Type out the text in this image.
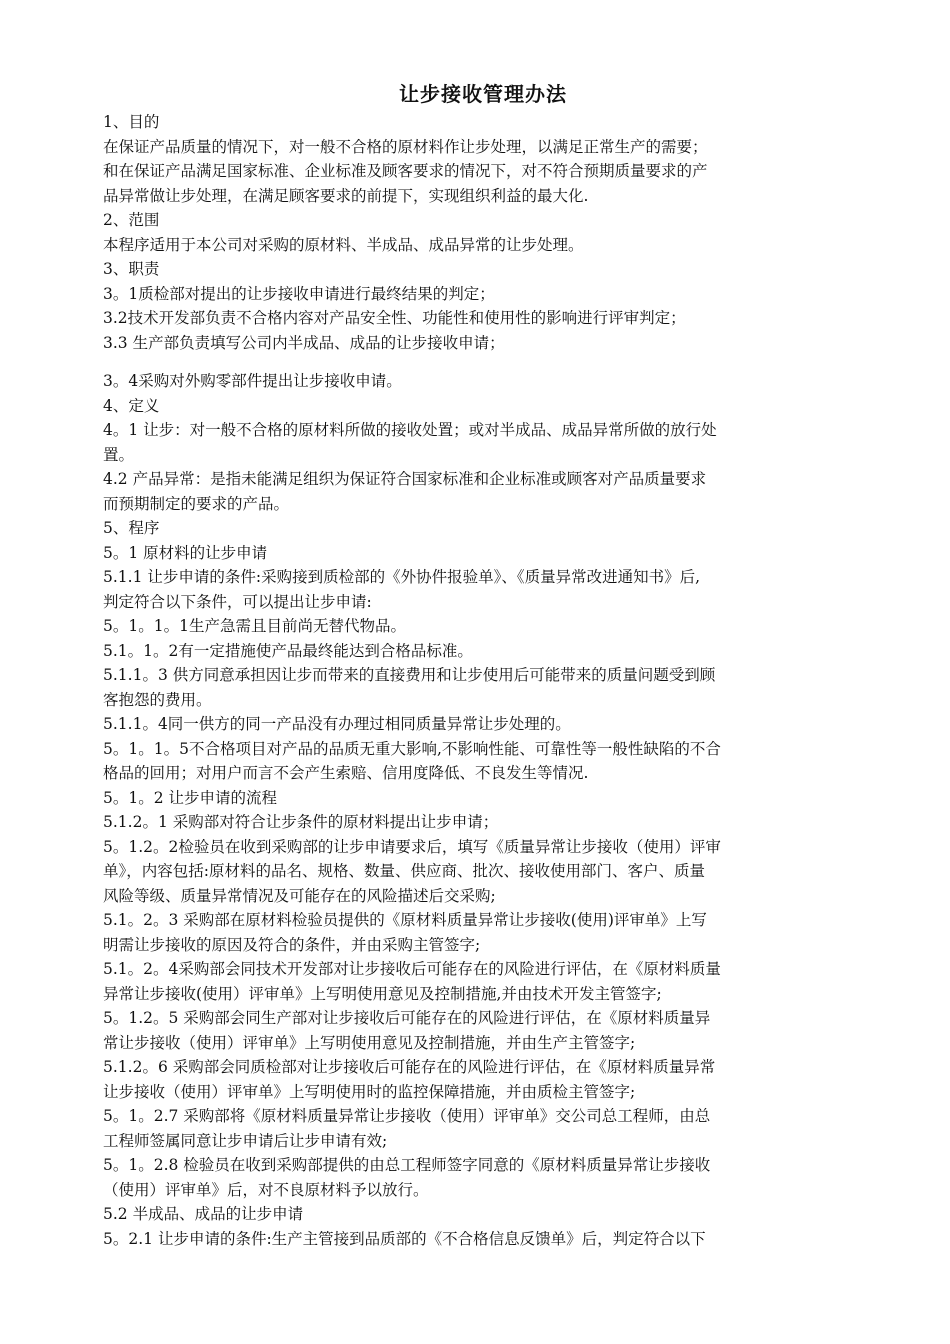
让步接收管理办法
1、目的
在保证产品质量的情况下，对一般不合格的原材料作让步处理，以满足正常生产的需要；
和在保证产品满足国家标准、企业标准及顾客要求的情况下，对不符合预期质量要求的产
品异常做让步处理，在满足顾客要求的前提下，实现组织利益的最大化.
2、范围
本程序适用于本公司对采购的原材料、半成品、成品异常的让步处理。
3、职责
3。1质检部对提出的让步接收申请进行最终结果的判定；
3.2技术开发部负责不合格内容对产品安全性、功能性和使用性的影响进行评审判定；
3.3 生产部负责填写公司内半成品、成品的让步接收申请；
3。4采购对外购零部件提出让步接收申请。
4、定义
4。1 让步：对一般不合格的原材料所做的接收处置；或对半成品、成品异常所做的放行处
置。
4.2 产品异常：是指未能满足组织为保证符合国家标准和企业标准或顾客对产品质量要求
而预期制定的要求的产品。
5、程序
5。1 原材料的让步申请
5.1.1 让步申请的条件:采购接到质检部的《外协件报验单》、《质量异常改进通知书》后,
判定符合以下条件，可以提出让步申请:
5。1。1。1生产急需且目前尚无替代物品。
5.1。1。2有一定措施使产品最终能达到合格品标准。
5.1.1。3 供方同意承担因让步而带来的直接费用和让步使用后可能带来的质量问题受到顾
客抱怨的费用。
5.1.1。4同一供方的同一产品没有办理过相同质量异常让步处理的。
5。1。1。5不合格项目对产品的品质无重大影响,不影响性能、可靠性等一般性缺陷的不合
格品的回用；对用户而言不会产生索赔、信用度降低、不良发生等情况.
5。1。2 让步申请的流程
5.1.2。1 采购部对符合让步条件的原材料提出让步申请；
5。1.2。2检验员在收到采购部的让步申请要求后，填写《质量异常让步接收（使用）评审
单》，内容包括:原材料的品名、规格、数量、供应商、批次、接收使用部门、客户、质量
风险等级、质量异常情况及可能存在的风险描述后交采购;
5.1。2。3 采购部在原材料检验员提供的《原材料质量异常让步接收(使用)评审单》上写
明需让步接收的原因及符合的条件，并由采购主管签字;
5.1。2。4采购部会同技术开发部对让步接收后可能存在的风险进行评估，在《原材料质量
异常让步接收(使用）评审单》上写明使用意见及控制措施,并由技术开发主管签字;
5。1.2。5 采购部会同生产部对让步接收后可能存在的风险进行评估，在《原材料质量异
常让步接收（使用）评审单》上写明使用意见及控制措施，并由生产主管签字;
5.1.2。6 采购部会同质检部对让步接收后可能存在的风险进行评估，在《原材料质量异常
让步接收（使用）评审单》上写明使用时的监控保障措施，并由质检主管签字;
5。1。2.7 采购部将《原材料质量异常让步接收（使用）评审单》交公司总工程师，由总
工程师签属同意让步申请后让步申请有效;
5。1。2.8 检验员在收到采购部提供的由总工程师签字同意的《原材料质量异常让步接收
（使用）评审单》后，对不良原材料予以放行。
5.2 半成品、成品的让步申请
5。2.1 让步申请的条件:生产主管接到品质部的《不合格信息反馈单》后，判定符合以下
